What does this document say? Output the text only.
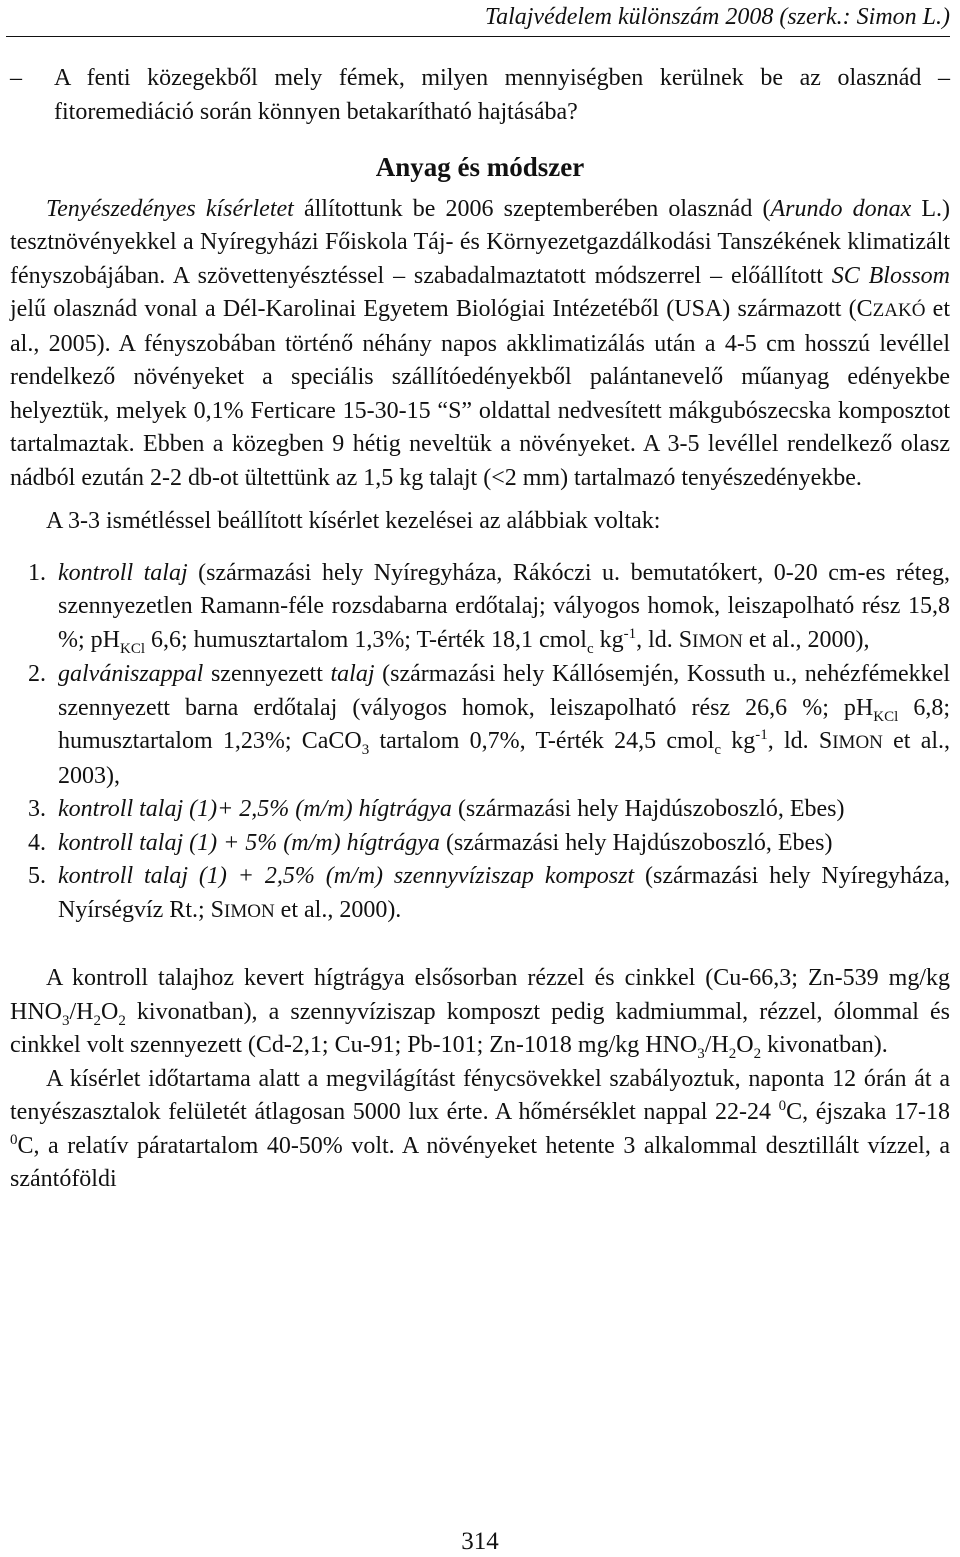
Talajvédelem különszám 2008 (szerk.: Simon L.)

– A fenti közegekből mely fémek, milyen mennyiségben kerülnek be az olasznád – fitoremediáció során könnyen betakarítható hajtásába?

Anyag és módszer

Tenyészedényes kísérletet állítottunk be 2006 szeptemberében olasznád (Arundo donax L.) tesztnövényekkel a Nyíregyházi Főiskola Táj- és Környezetgazdálkodási Tanszékének klimatizált fényszobájában. A szövettenyésztéssel – szabadalmaztatott módszerrel – előállított SC Blossom jelű olasznád vonal a Dél-Karolinai Egyetem Biológiai Intézetéből (USA) származott (CZAKÓ et al., 2005). A fényszobában történő néhány napos akklimatizálás után a 4-5 cm hosszú levéllel rendelkező növényeket a speciális szállítóedényekből palántanevelő műanyag edényekbe helyeztük, melyek 0,1% Ferticare 15-30-15 “S” oldattal nedvesített mákgubószecska komposztot tartalmaztak. Ebben a közegben 9 hétig neveltük a növényeket. A 3-5 levéllel rendelkező olasz nádból ezután 2-2 db-ot ültettünk az 1,5 kg talajt (<2 mm) tartalmazó tenyészedényekbe.

A 3-3 ismétléssel beállított kísérlet kezelései az alábbiak voltak:

1. kontroll talaj (származási hely Nyíregyháza, Rákóczi u. bemutatókert, 0-20 cm-es réteg, szennyezetlen Ramann-féle rozsdabarna erdőtalaj; vályogos homok, leiszapolható rész 15,8 %; $pH_{KCl}$ 6,6; humusztartalom 1,3%; T-érték 18,1 cmol$_c$ $kg^{-1}$, ld. SIMON et al., 2000),
2. galvániszappal szennyezett talaj (származási hely Kállósemjén, Kossuth u., nehézfémekkel szennyezett barna erdőtalaj (vályogos homok, leiszapolható rész 26,6 %; $pH_{KCl}$ 6,8; humusztartalom 1,23%; CaCO$_3$ tartalom 0,7%, T-érték 24,5 cmol$_c$ $kg^{-1}$, ld. SIMON et al., 2003),
3. kontroll talaj (1)+ 2,5% (m/m) hígtrágya (származási hely Hajdúszoboszló, Ebes)
4. kontroll talaj (1) + 5% (m/m) hígtrágya (származási hely Hajdúszoboszló, Ebes)
5. kontroll talaj (1) + 2,5% (m/m) szennyvíziszap komposzt (származási hely Nyíregyháza, Nyírségvíz Rt.; SIMON et al., 2000).

A kontroll talajhoz kevert hígtrágya elsősorban rézzel és cinkkel (Cu-66,3; Zn-539 mg/kg $HNO_3/H_2O_2$ kivonatban), a szennyvíziszap komposzt pedig kadmiummal, rézzel, ólommal és cinkkel volt szennyezett (Cd-2,1; Cu-91; Pb-101; Zn-1018 mg/kg $HNO_3/H_2O_2$ kivonatban).

A kísérlet időtartama alatt a megvilágítást fénycsövekkel szabályoztuk, naponta 12 órán át a tenyészasztalok felületét átlagosan 5000 lux érte. A hőmérséklet nappal 22-24 $^0$C, éjszaka 17-18 $^0$C, a relatív páratartalom 40-50% volt. A növényeket hetente 3 alkalommal desztillált vízzel, a szántóföldi

314
